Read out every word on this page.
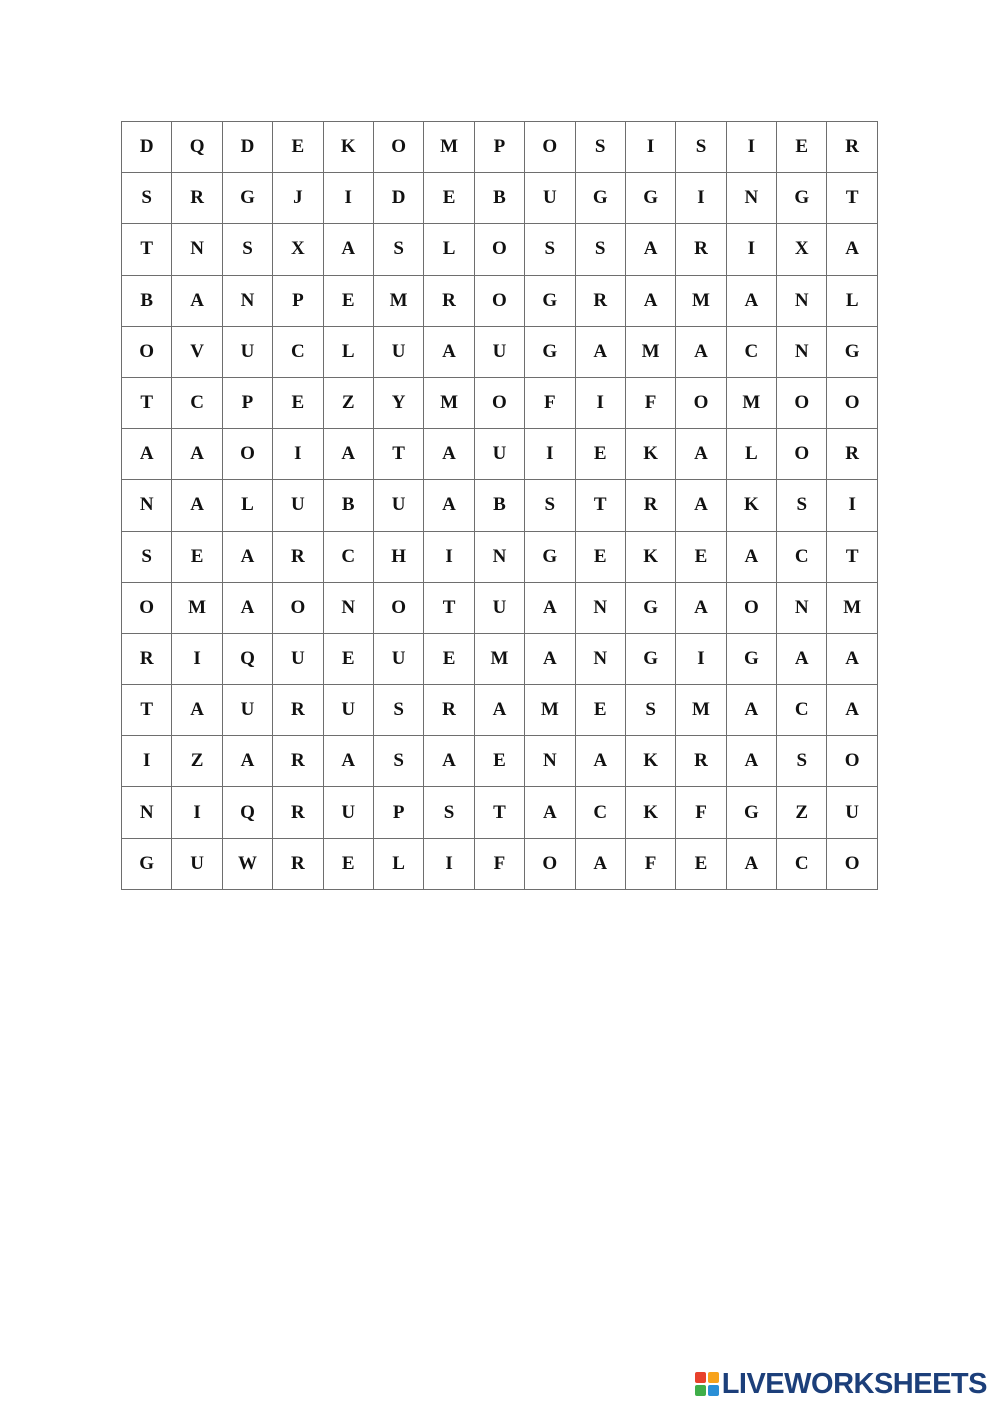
D	Q	D	E	K	O	M	P	O	S	I	S	I	E	R
S	R	G	J	I	D	E	B	U	G	G	I	N	G	T
T	N	S	X	A	S	L	O	S	S	A	R	I	X	A
B	A	N	P	E	M	R	O	G	R	A	M	A	N	L
O	V	U	C	L	U	A	U	G	A	M	A	C	N	G
T	C	P	E	Z	Y	M	O	F	I	F	O	M	O	O
A	A	O	I	A	T	A	U	I	E	K	A	L	O	R
N	A	L	U	B	U	A	B	S	T	R	A	K	S	I
S	E	A	R	C	H	I	N	G	E	K	E	A	C	T
O	M	A	O	N	O	T	U	A	N	G	A	O	N	M
R	I	Q	U	E	U	E	M	A	N	G	I	G	A	A
T	A	U	R	U	S	R	A	M	E	S	M	A	C	A
I	Z	A	R	A	S	A	E	N	A	K	R	A	S	O
N	I	Q	R	U	P	S	T	A	C	K	F	G	Z	U
G	U	W	R	E	L	I	F	O	A	F	E	A	C	O
LIVEWORKSHEETS
